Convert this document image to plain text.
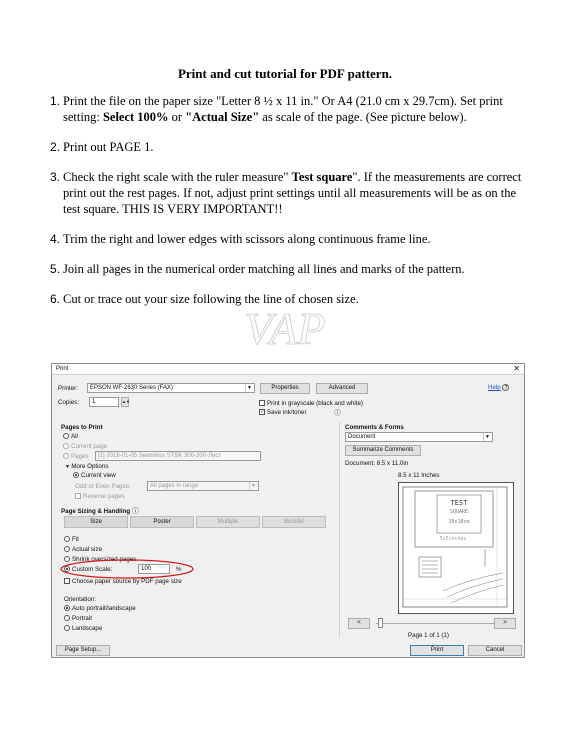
Print and cut tutorial for PDF pattern.
1. Print the file on the paper size "Letter 8 ½ x 11 in." Or A4 (21.0 cm x 29.7cm). Set print setting: Select 100% or "Actual Size" as scale of the page. (See picture below).
2. Print out PAGE 1.
3. Check the right scale with the ruler measure" Test square". If the measurements are correct print out the rest pages. If not, adjust print settings until all measurements will be as on the test square. THIS IS VERY IMPORTANT!!
4. Trim the right and lower edges with scissors along continuous frame line.
5. Join all pages in the numerical order matching all lines and marks of the pattern.
6. Cut or trace out your size following the line of chosen size.
VAP
Print	✕
Printer:	EPSON WF-2630 Series (FAX)	▼	Properties	Advanced	Help ?
Copies:	1	▲▼	Print in grayscale (black and white)
✓ Save ink/toner	ⓘ
Pages to Print
All
Current page
Pages	[1] 2018-01-05 Seamless STSK 300-200-Лист
▼ More Options
Current view
Odd or Even Pages:	All pages in range	▼
Reverse pages
Page Sizing & Handling ⓘ
Size	Poster	Multiple	Booklet
Fit
Actual size
Shrink oversized pages
Custom Scale:	100	%
Choose paper source by PDF page size
Orientation:
Auto portrait/landscape
Portrait
Landscape
Comments & Forms
Document	▼
Summarize Comments
Document: 8.5 x 11.0in
8.5 x 11 Inches
TEST
SQUARE
10x10cm
5x5inches
<	>
Page 1 of 1 (1)
Page Setup...	Print	Cancel
